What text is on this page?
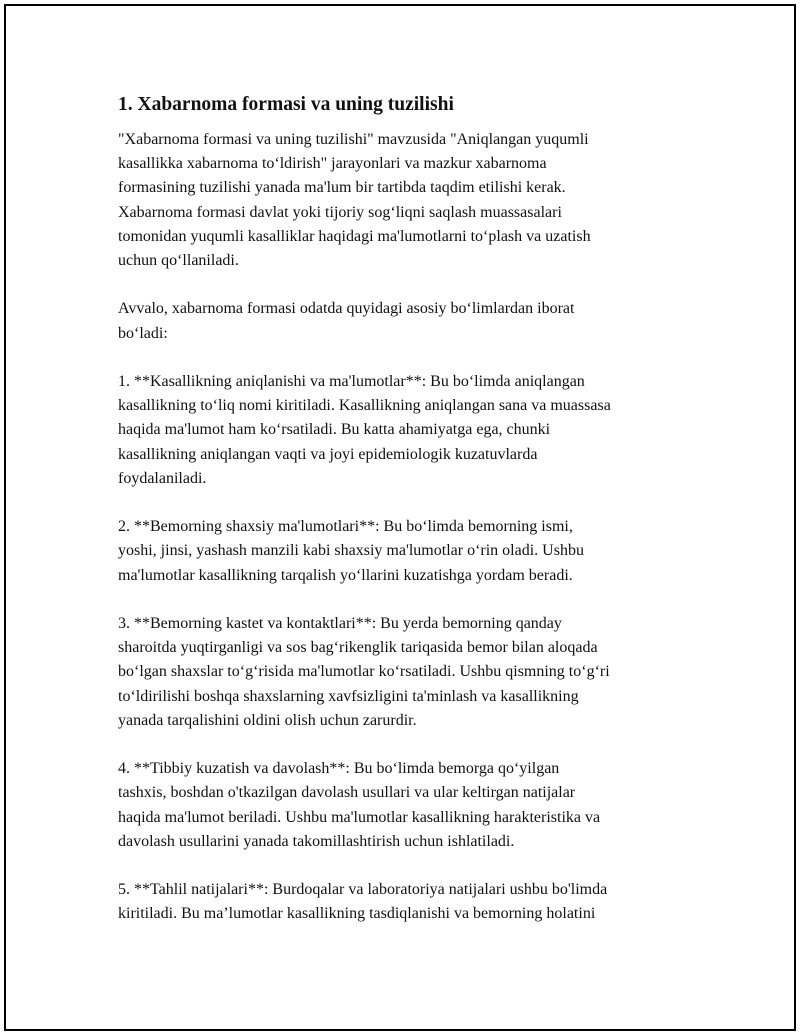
1. Xabarnoma formasi va uning tuzilishi
"Xabarnoma formasi va uning tuzilishi" mavzusida "Aniqlangan yuqumli
kasallikka xabarnoma toʻldirish" jarayonlari va mazkur xabarnoma
formasining tuzilishi yanada ma'lum bir tartibda taqdim etilishi kerak.
Xabarnoma formasi davlat yoki tijoriy sogʻliqni saqlash muassasalari
tomonidan yuqumli kasalliklar haqidagi ma'lumotlarni toʻplash va uzatish
uchun qoʻllaniladi.
Avvalo, xabarnoma formasi odatda quyidagi asosiy boʻlimlardan iborat
boʻladi:
1. **Kasallikning aniqlanishi va ma'lumotlar**: Bu boʻlimda aniqlangan
kasallikning toʻliq nomi kiritiladi. Kasallikning aniqlangan sana va muassasa
haqida ma'lumot ham koʻrsatiladi. Bu katta ahamiyatga ega, chunki
kasallikning aniqlangan vaqti va joyi epidemiologik kuzatuvlarda
foydalaniladi.
2. **Bemorning shaxsiy ma'lumotlari**: Bu boʻlimda bemorning ismi,
yoshi, jinsi, yashash manzili kabi shaxsiy ma'lumotlar oʻrin oladi. Ushbu
ma'lumotlar kasallikning tarqalish yoʻllarini kuzatishga yordam beradi.
3. **Bemorning kastet va kontaktlari**: Bu yerda bemorning qanday
sharoitda yuqtirganligi va sos bagʻrikenglik tariqasida bemor bilan aloqada
boʻlgan shaxslar toʻgʻrisida ma'lumotlar koʻrsatiladi. Ushbu qismning toʻgʻri
toʻldirilishi boshqa shaxslarning xavfsizligini ta'minlash va kasallikning
yanada tarqalishini oldini olish uchun zarurdir.
4. **Tibbiy kuzatish va davolash**: Bu boʻlimda bemorga qoʻyilgan
tashxis, boshdan o'tkazilgan davolash usullari va ular keltirgan natijalar
haqida ma'lumot beriladi. Ushbu ma'lumotlar kasallikning harakteristika va
davolash usullarini yanada takomillashtirish uchun ishlatiladi.
5. **Tahlil natijalari**: Burdoqalar va laboratoriya natijalari ushbu bo'limda
kiritiladi. Bu maʼlumotlar kasallikning tasdiqlanishi va bemorning holatini
